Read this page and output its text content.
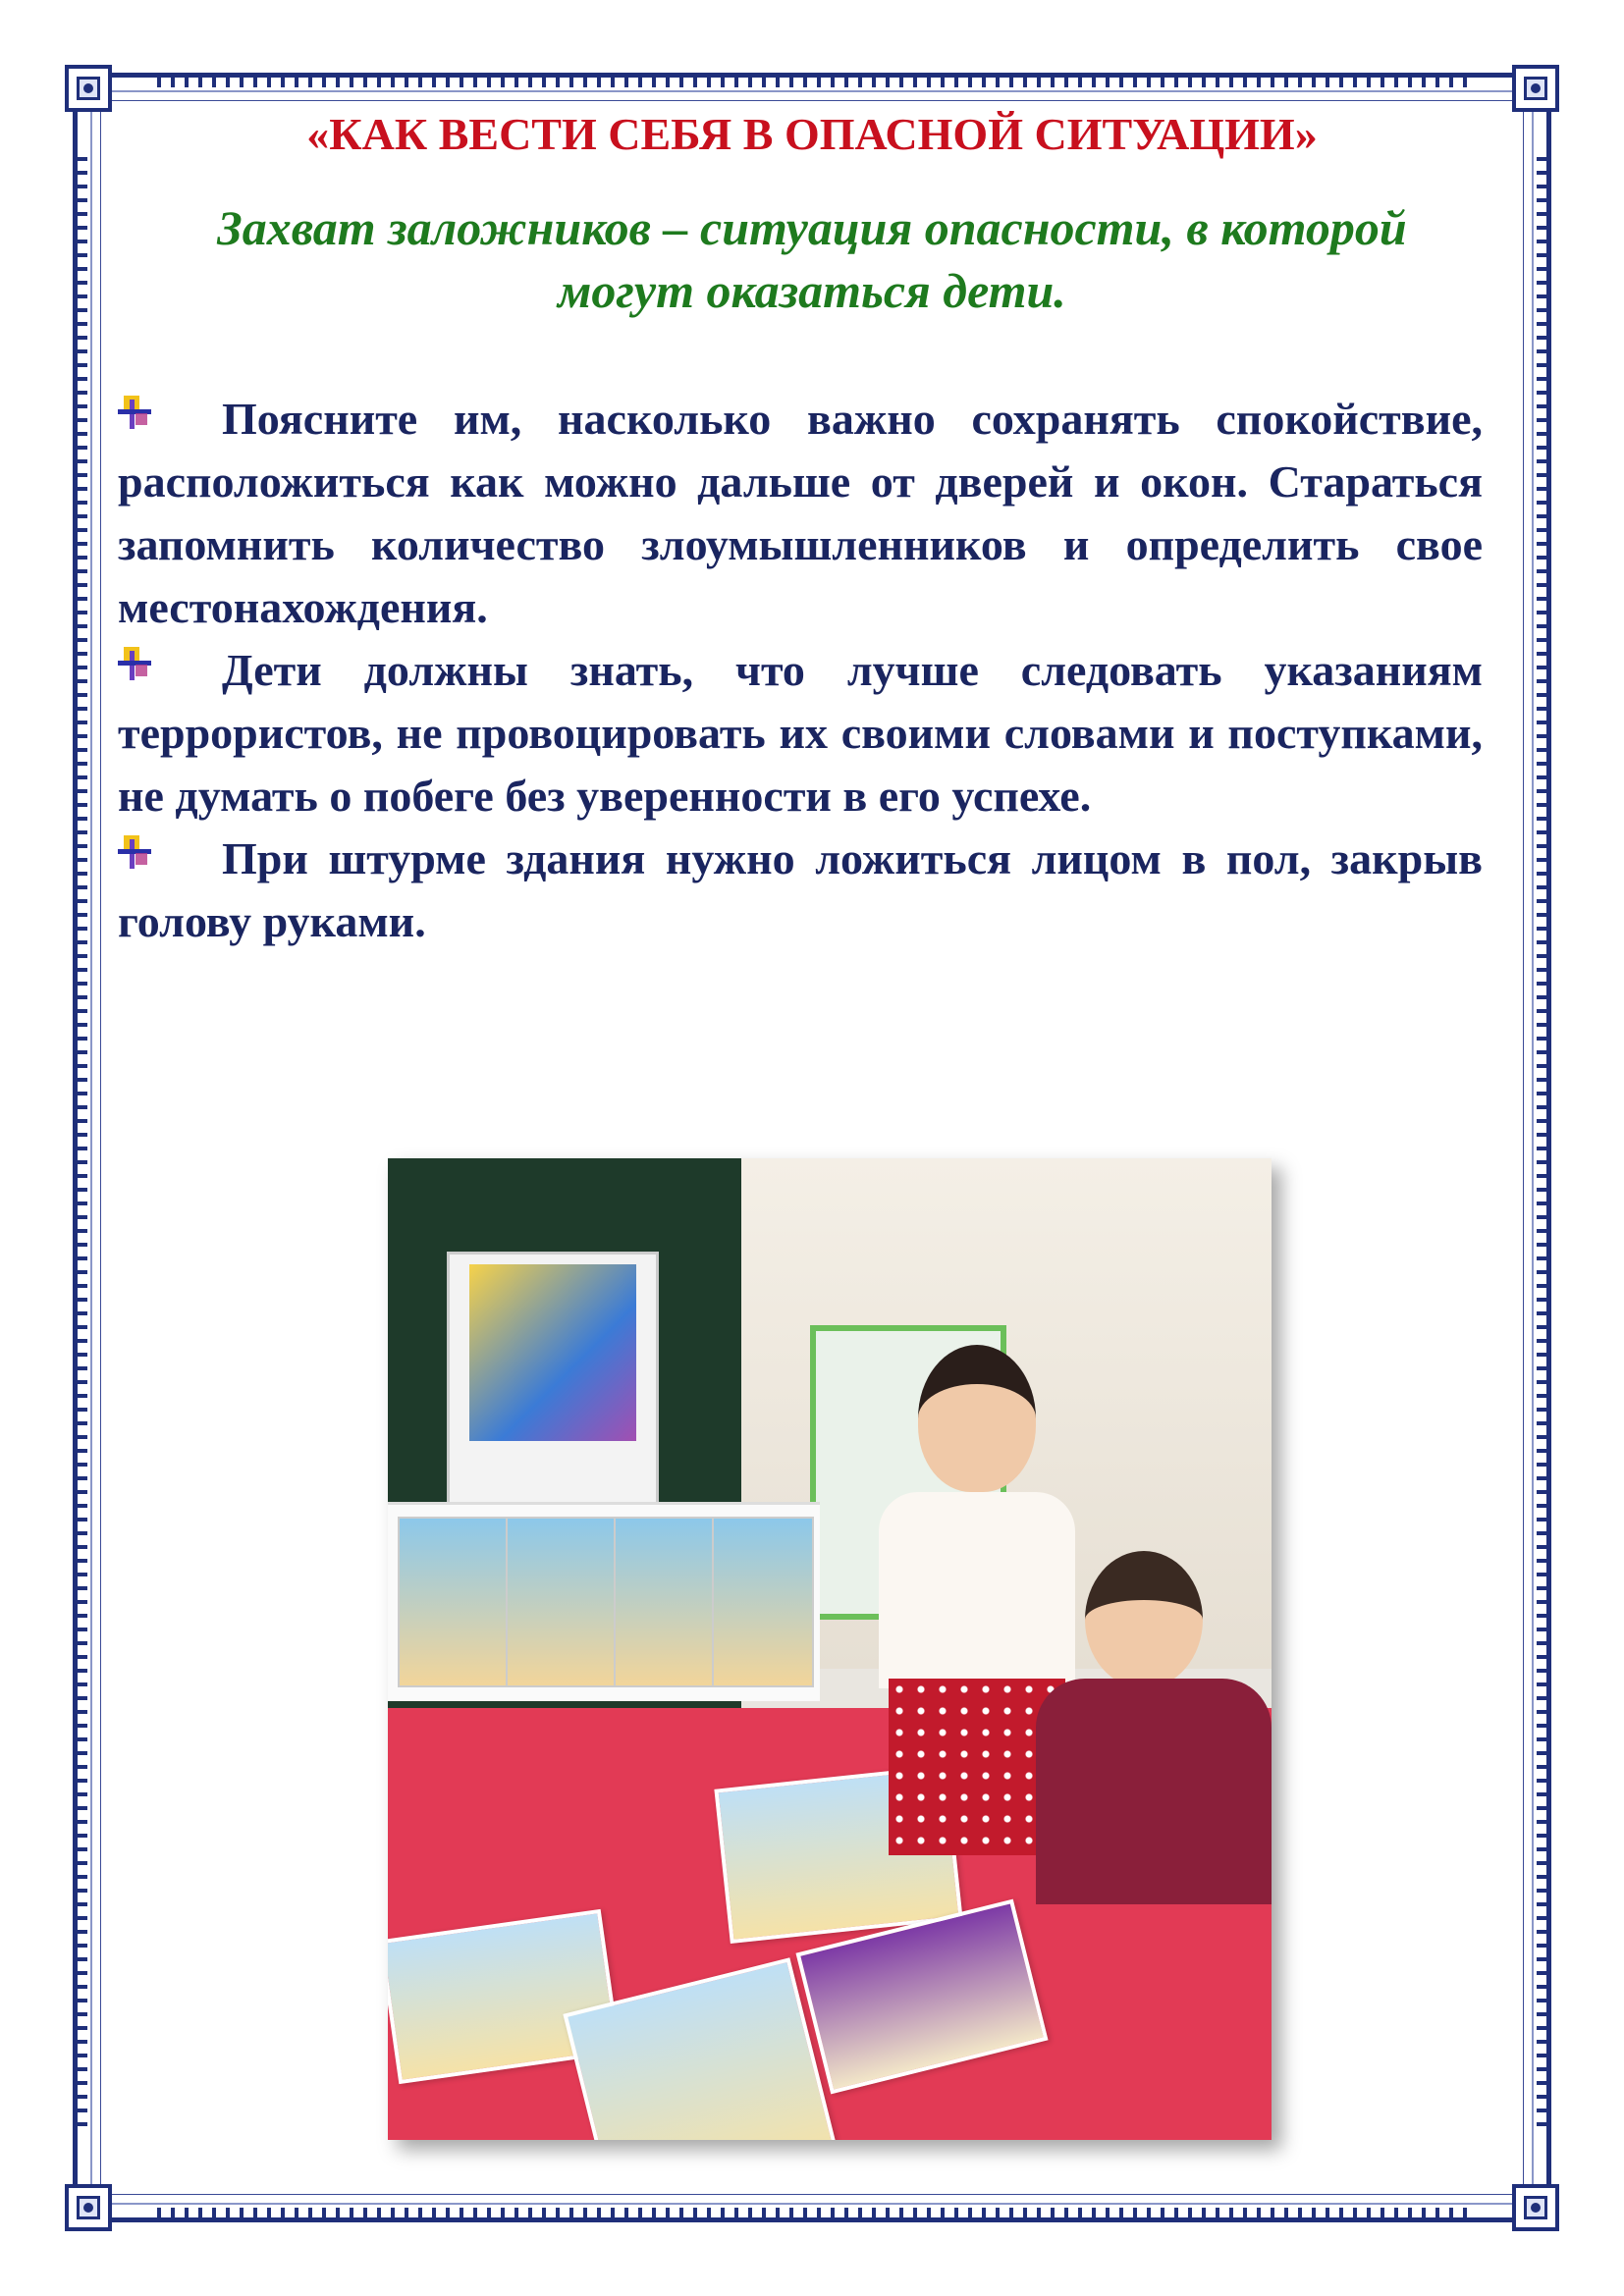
«КАК ВЕСТИ СЕБЯ В ОПАСНОЙ СИТУАЦИИ»
Захват заложников – ситуация опасности, в которой
могут оказаться дети.

Поясните им, насколько важно сохранять спокойствие, расположиться как можно дальше от дверей и окон. Стараться запомнить количество злоумышленников и определить свое местонахождения.

Дети должны знать, что лучше следовать указаниям террористов, не провоцировать их своими словами и поступками, не думать о побеге без уверенности в его успехе.

При штурме здания нужно ложиться лицом в пол, закрыв голову руками.
